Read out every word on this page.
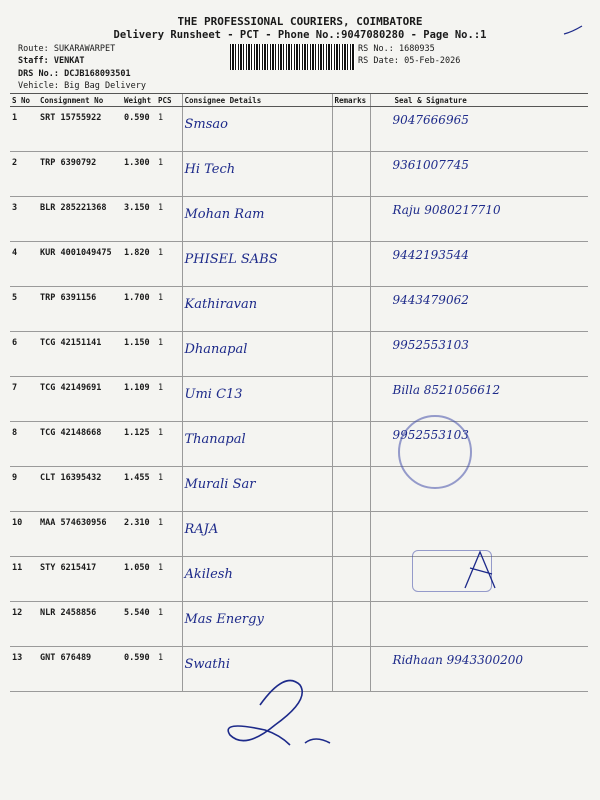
THE PROFESSIONAL COURIERS, COIMBATORE
Delivery Runsheet - PCT - Phone No.:9047080280 - Page No.:1
Route: SUKARAWARPET
Staff: VENKAT
DRS No.: DCJB168093501
Vehicle: Big Bag Delivery
RS No.: 1680935
RS Date: 05-Feb-2026
S No	Consignment No	Weight	PCS	Consignee Details	Remarks	Seal & Signature
1	SRT 15755922	0.590	1	Smsao		9047666965
2	TRP 6390792	1.300	1	Hi Tech		9361007745
3	BLR 285221368	3.150	1	Mohan Ram		Raju 9080217710
4	KUR 4001049475	1.820	1	PHISEL SABS		9442193544
5	TRP 6391156	1.700	1	Kathiravan		9443479062
6	TCG 42151141	1.150	1	Dhanapal		9952553103
7	TCG 42149691	1.109	1	Umi C13		Billa 8521056612
8	TCG 42148668	1.125	1	Thanapal		9952553103
9	CLT 16395432	1.455	1	Murali Sar		
10	MAA 574630956	2.310	1	RAJA		
11	STY 6215417	1.050	1	Akilesh		
12	NLR 2458856	5.540	1	Mas Energy		
13	GNT 676489	0.590	1	Swathi		Ridhaan 9943300200
